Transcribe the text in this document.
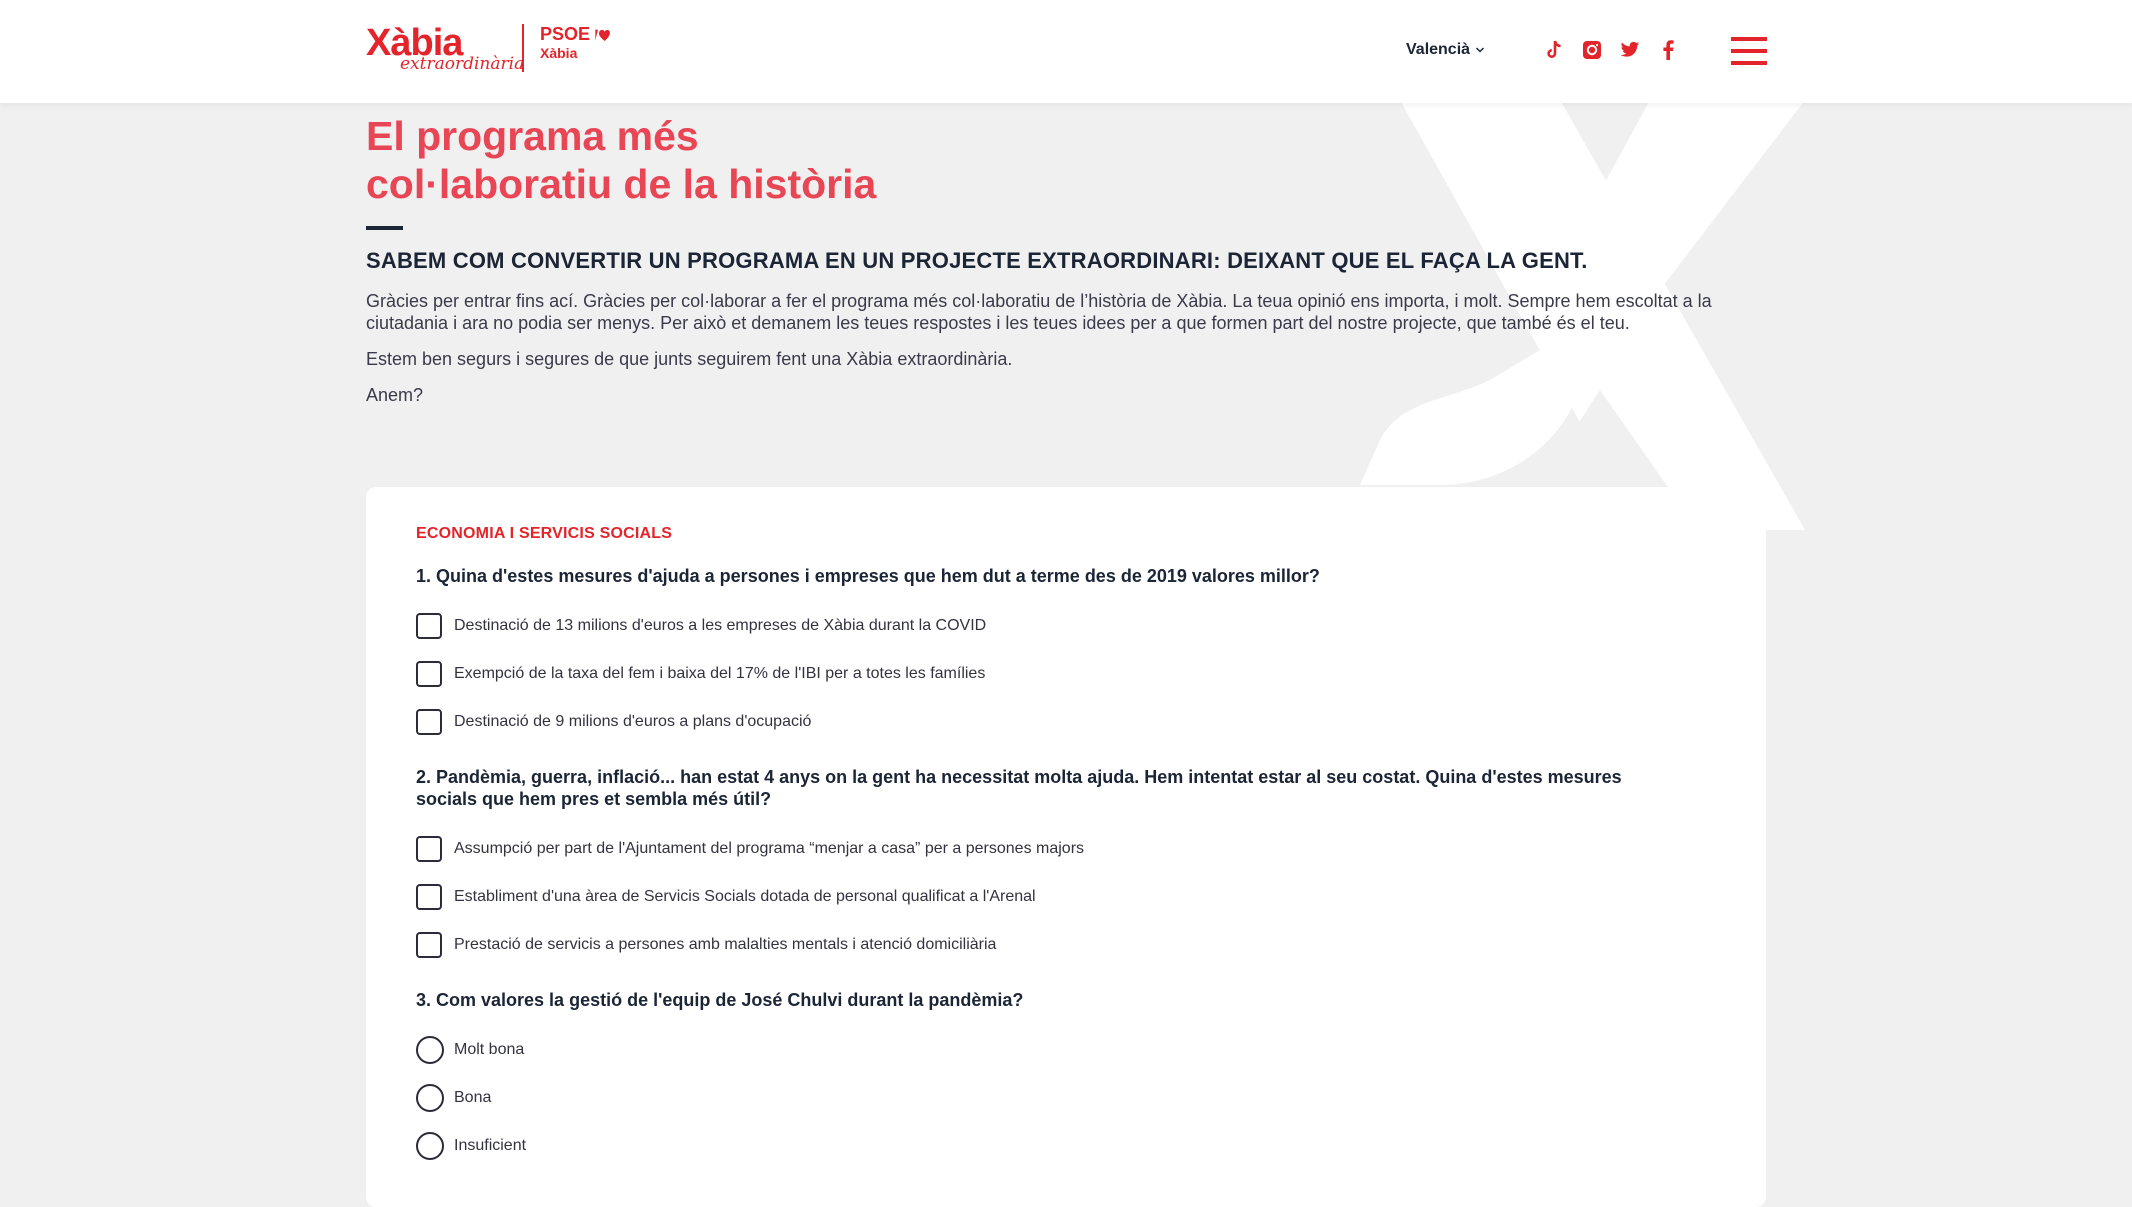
Xàbia
extraordinària
PSOE
Xàbia	Valencià
El programa més
col·laboratiu de la història
SABEM COM CONVERTIR UN PROGRAMA EN UN PROJECTE EXTRAORDINARI: DEIXANT QUE EL FAÇA LA GENT.

Gràcies per entrar fins ací. Gràcies per col·laborar a fer el programa més col·laboratiu de l’història de Xàbia. La teua opinió ens importa, i molt. Sempre hem escoltat a la ciutadania i ara no podia ser menys. Per això et demanem les teues respostes i les teues idees per a que formen part del nostre projecte, que també és el teu.

Estem ben segurs i segures de que junts seguirem fent una Xàbia extraordinària.

Anem?

ECONOMIA I SERVICIS SOCIALS

1. Quina d'estes mesures d'ajuda a persones i empreses que hem dut a terme des de 2019 valores millor?

Destinació de 13 milions d'euros a les empreses de Xàbia durant la COVID
Exempció de la taxa del fem i baixa del 17% de l'IBI per a totes les famílies
Destinació de 9 milions d'euros a plans d'ocupació

2. Pandèmia, guerra, inflació... han estat 4 anys on la gent ha necessitat molta ajuda. Hem intentat estar al seu costat. Quina d'estes mesures socials que hem pres et sembla més útil?

Assumpció per part de l'Ajuntament del programa “menjar a casa” per a persones majors
Establiment d'una àrea de Servicis Socials dotada de personal qualificat a l'Arenal
Prestació de servicis a persones amb malalties mentals i atenció domiciliària

3. Com valores la gestió de l'equip de José Chulvi durant la pandèmia?

Molt bona
Bona
Insuficient
